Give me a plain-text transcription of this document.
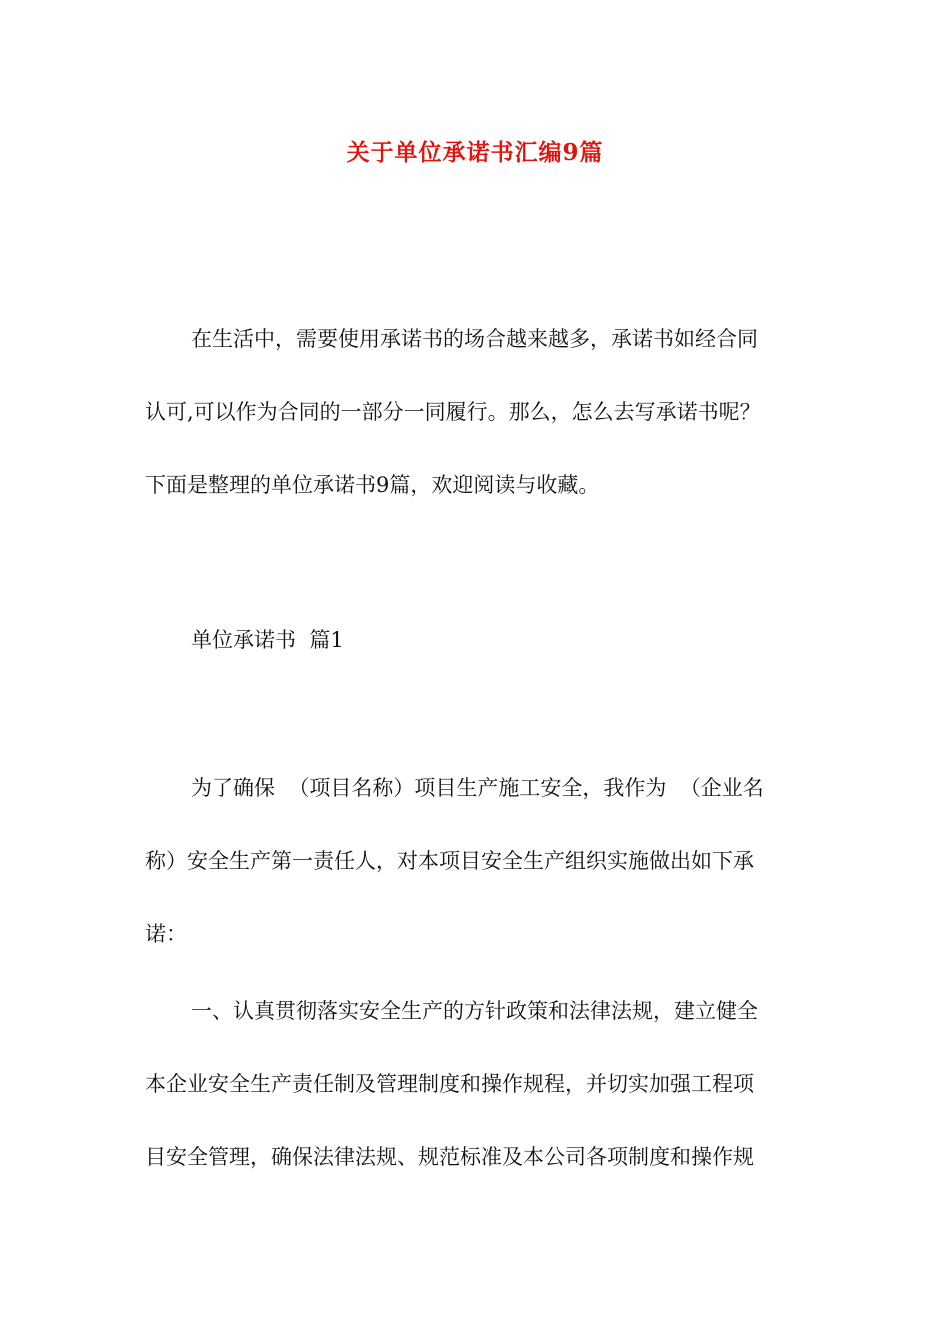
关于单位承诺书汇编9篇
在生活中，需要使用承诺书的场合越来越多，承诺书如经合同
认可,可以作为合同的一部分一同履行。那么，怎么去写承诺书呢？
下面是整理的单位承诺书9篇，欢迎阅读与收藏。
单位承诺书  篇1
为了确保  （项目名称）项目生产施工安全，我作为  （企业名
称）安全生产第一责任人，对本项目安全生产组织实施做出如下承
诺：
一、认真贯彻落实安全生产的方针政策和法律法规，建立健全
本企业安全生产责任制及管理制度和操作规程，并切实加强工程项
目安全管理，确保法律法规、规范标准及本公司各项制度和操作规
